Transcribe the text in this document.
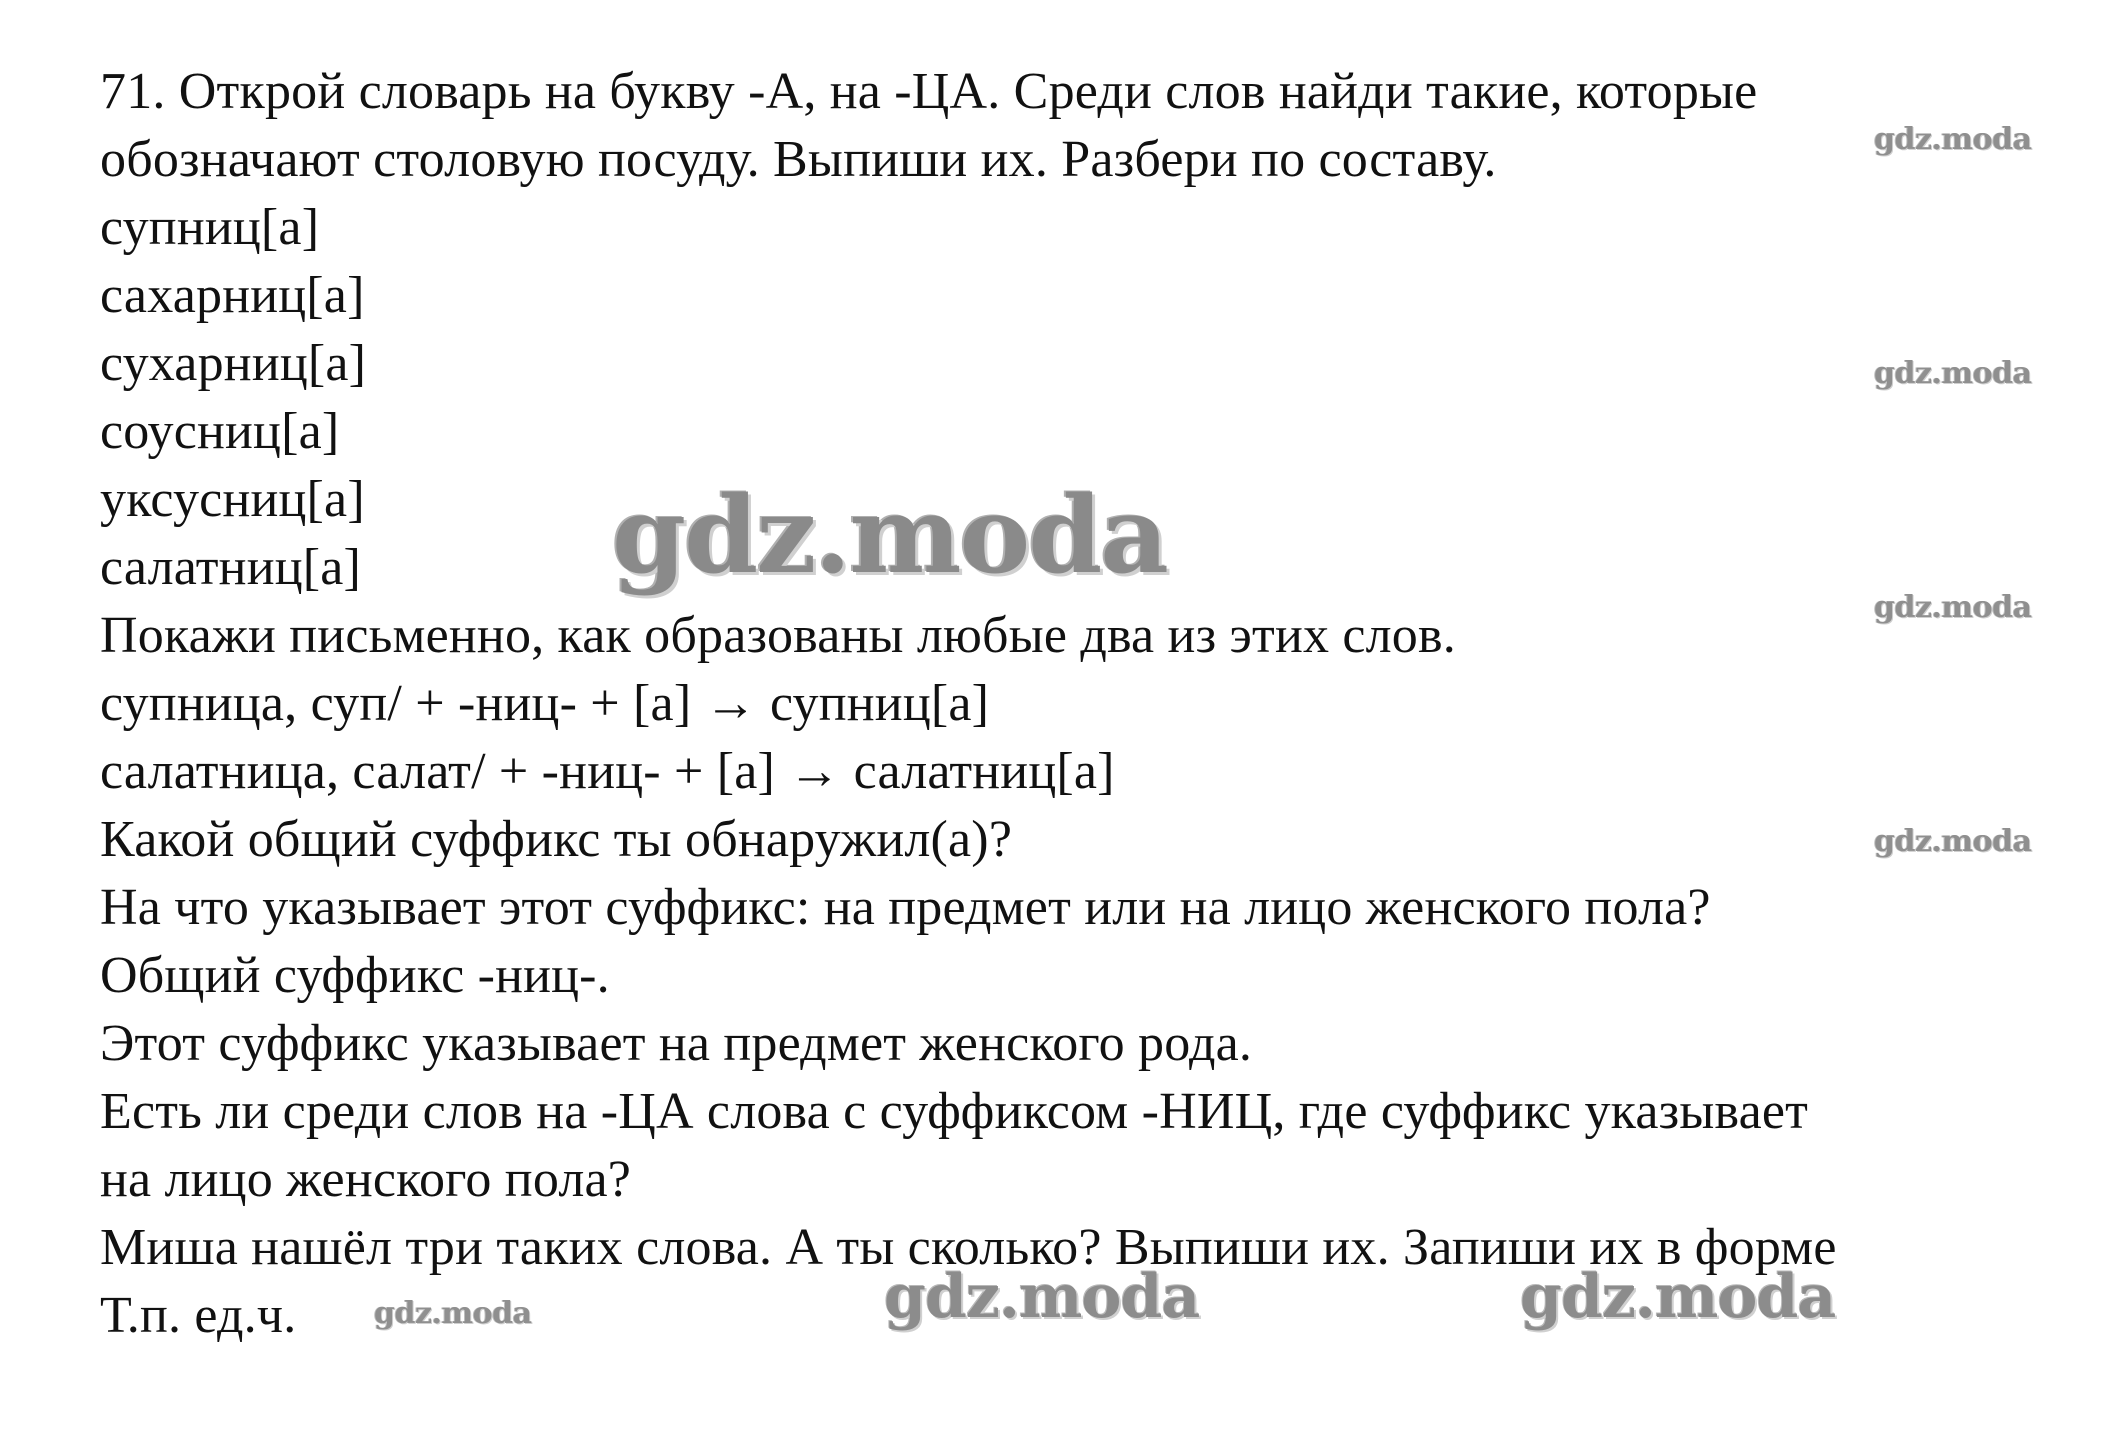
71. Открой словарь на букву -А, на -ЦА. Среди слов найди такие, которые
обозначают столовую посуду. Выпиши их. Разбери по составу.
супниц[а]
сахарниц[а]
сухарниц[а]
соусниц[а]
уксусниц[а]
салатниц[а]
Покажи письменно, как образованы любые два из этих слов.
супница, суп/ + -ниц- + [а] → супниц[а]
салатница, салат/ + -ниц- + [а] → салатниц[а]
Какой общий суффикс ты обнаружил(а)?
На что указывает этот суффикс: на предмет или на лицо женского пола?
Общий суффикс -ниц-.
Этот суффикс указывает на предмет женского рода.
Есть ли среди слов на -ЦА слова с суффиксом -НИЦ, где суффикс указывает
на лицо женского пола?
Миша нашёл три таких слова. А ты сколько? Выпиши их. Запиши их в форме
Т.п. ед.ч.
gdz.moda
gdz.moda
gdz.moda
gdz.moda
gdz.moda
gdz.moda
gdz.moda	gdz.moda
